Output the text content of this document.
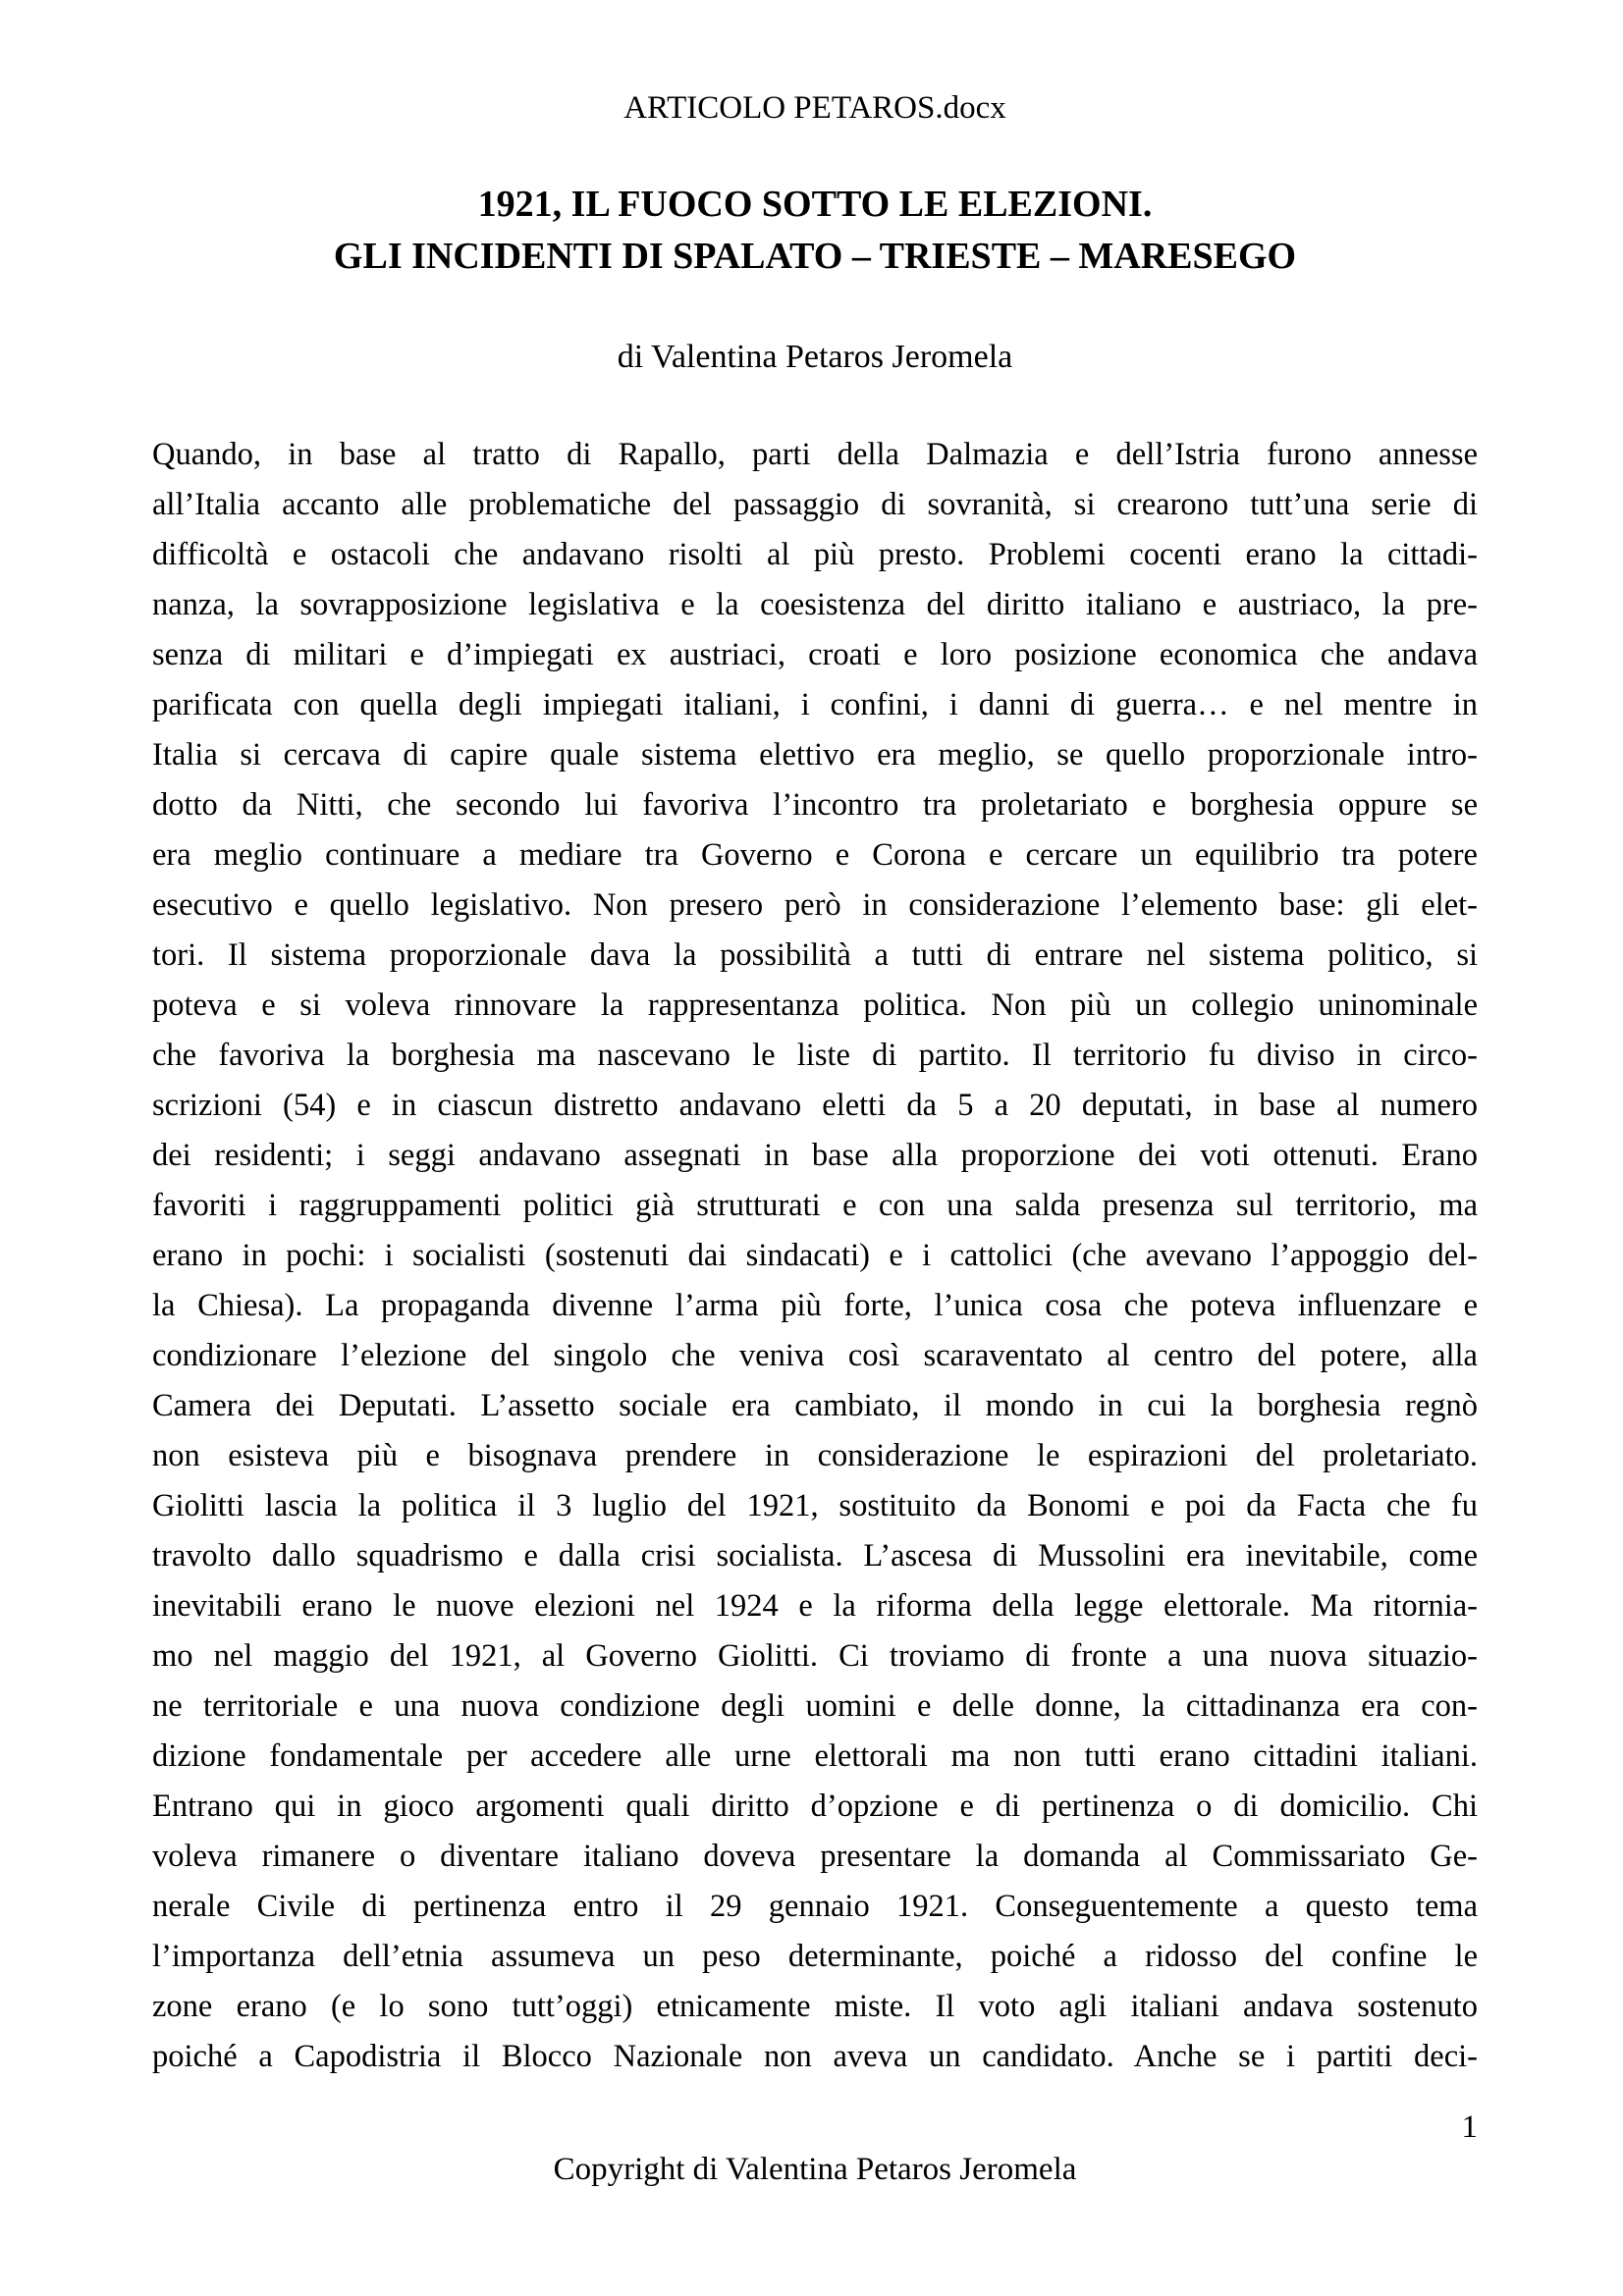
ARTICOLO PETAROS.docx
1921, IL FUOCO SOTTO LE ELEZIONI.
GLI INCIDENTI DI SPALATO – TRIESTE – MARESEGO
di Valentina Petaros Jeromela
Quando, in base al tratto di Rapallo, parti della Dalmazia e dell’Istria furono annesse
all’Italia accanto alle problematiche del passaggio di sovranità, si crearono tutt’una serie di
difficoltà e ostacoli che andavano risolti al più presto. Problemi cocenti erano la cittadi-
nanza, la sovrapposizione legislativa e la coesistenza del diritto italiano e austriaco, la pre-
senza di militari e d’impiegati ex austriaci, croati e loro posizione economica che andava
parificata con quella degli impiegati italiani, i confini, i danni di guerra… e nel mentre in
Italia si cercava di capire quale sistema elettivo era meglio, se quello proporzionale intro-
dotto da Nitti, che secondo lui favoriva l’incontro tra proletariato e borghesia oppure se
era meglio continuare a mediare tra Governo e Corona e cercare un equilibrio tra potere
esecutivo e quello legislativo. Non presero però in considerazione l’elemento base: gli elet-
tori. Il sistema proporzionale dava la possibilità a tutti di entrare nel sistema politico, si
poteva e si voleva rinnovare la rappresentanza politica. Non più un collegio uninominale
che favoriva la borghesia ma nascevano le liste di partito. Il territorio fu diviso in circo-
scrizioni (54) e in ciascun distretto andavano eletti da 5 a 20 deputati, in base al numero
dei residenti; i seggi andavano assegnati in base alla proporzione dei voti ottenuti. Erano
favoriti i raggruppamenti politici già strutturati e con una salda presenza sul territorio, ma
erano in pochi: i socialisti (sostenuti dai sindacati) e i cattolici (che avevano l’appoggio del-
la Chiesa). La propaganda divenne l’arma più forte, l’unica cosa che poteva influenzare e
condizionare l’elezione del singolo che veniva così scaraventato al centro del potere, alla
Camera dei Deputati. L’assetto sociale era cambiato, il mondo in cui la borghesia regnò
non esisteva più e bisognava prendere in considerazione le espirazioni del proletariato.
Giolitti lascia la politica il 3 luglio del 1921, sostituito da Bonomi e poi da Facta che fu
travolto dallo squadrismo e dalla crisi socialista. L’ascesa di Mussolini era inevitabile, come
inevitabili erano le nuove elezioni nel 1924 e la riforma della legge elettorale. Ma ritornia-
mo nel maggio del 1921, al Governo Giolitti. Ci troviamo di fronte a una nuova situazio-
ne territoriale e una nuova condizione degli uomini e delle donne, la cittadinanza era con-
dizione fondamentale per accedere alle urne elettorali ma non tutti erano cittadini italiani.
Entrano qui in gioco argomenti quali diritto d’opzione e di pertinenza o di domicilio. Chi
voleva rimanere o diventare italiano doveva presentare la domanda al Commissariato Ge-
nerale Civile di pertinenza entro il 29 gennaio 1921. Conseguentemente a questo tema
l’importanza dell’etnia assumeva un peso determinante, poiché a ridosso del confine le
zone erano (e lo sono tutt’oggi) etnicamente miste. Il voto agli italiani andava sostenuto
poiché a Capodistria il Blocco Nazionale non aveva un candidato. Anche se i partiti deci-
1
Copyright di Valentina Petaros Jeromela
